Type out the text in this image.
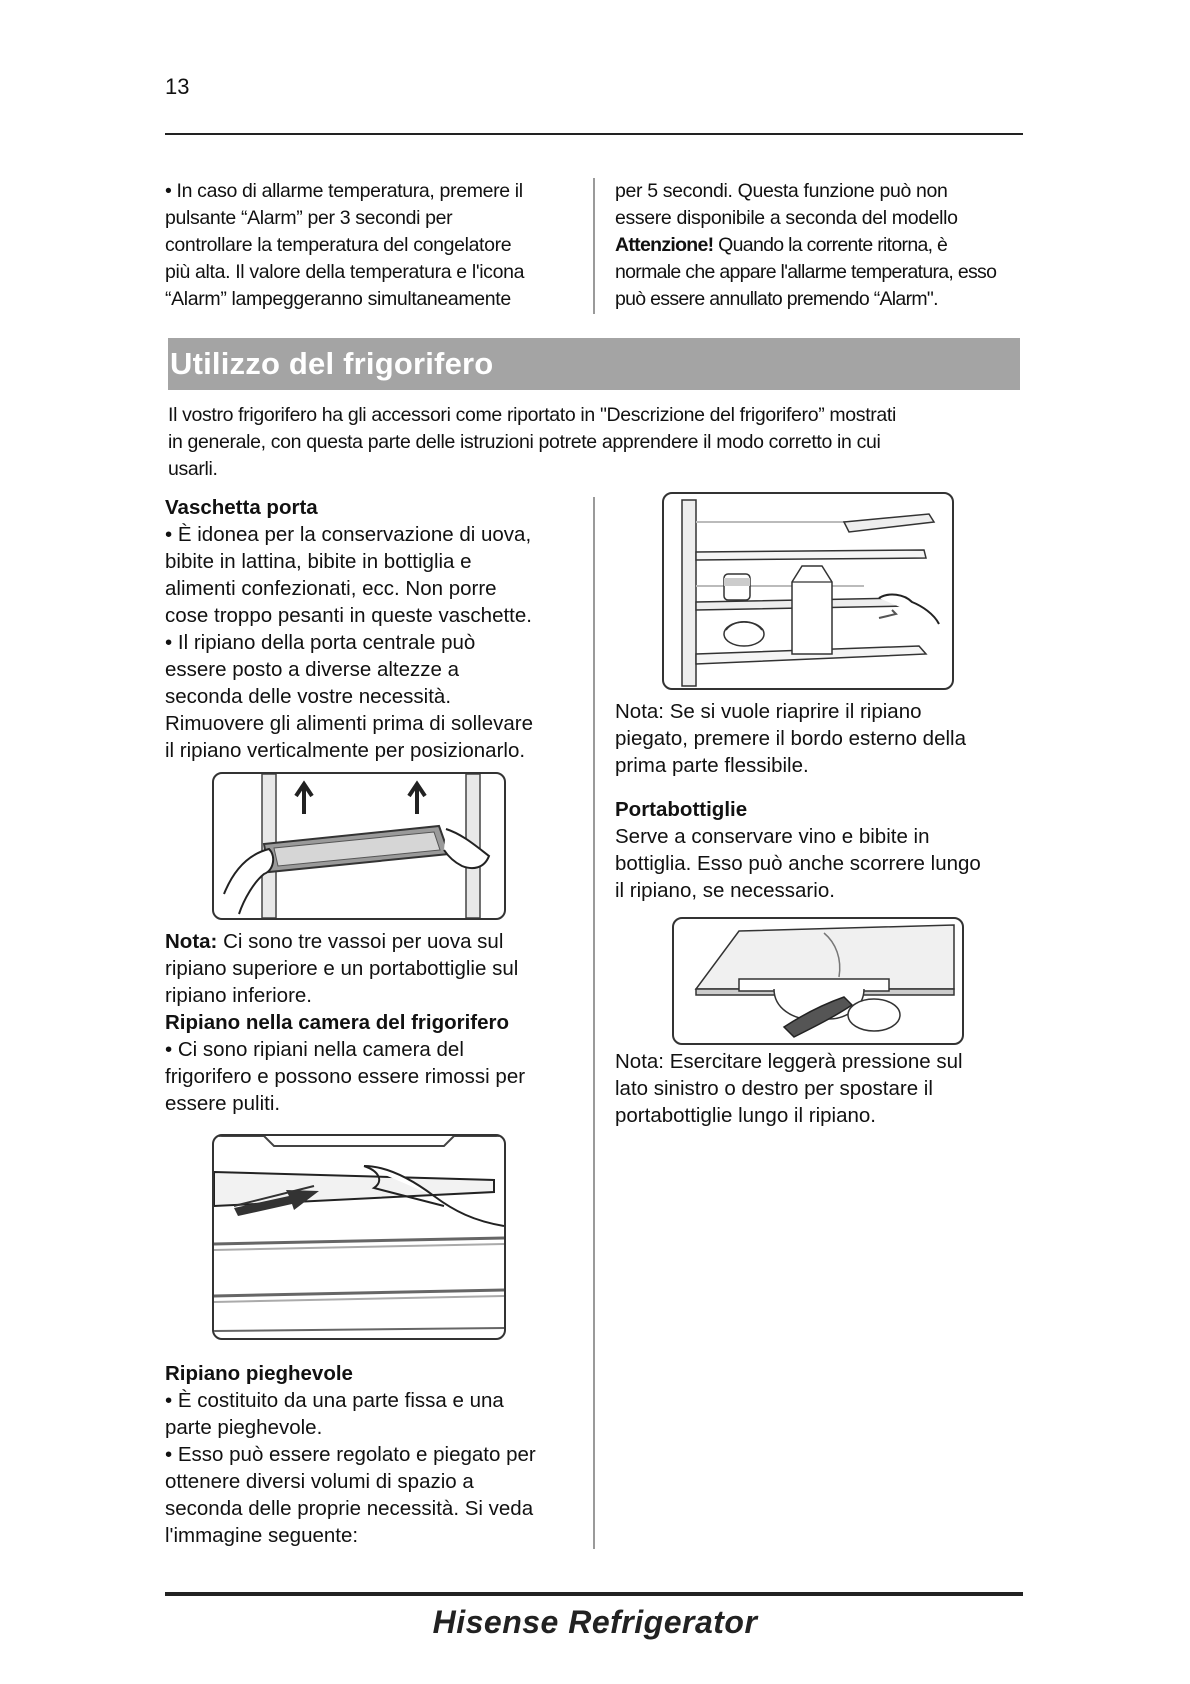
13

• In caso di allarme temperatura, premere il

pulsante “Alarm” per 3 secondi per

controllare la temperatura del congelatore

più alta. Il valore della temperatura e l'icona

“Alarm” lampeggeranno simultaneamente

per 5 secondi. Questa funzione può non

essere disponibile a seconda del modello

Attenzione! Quando la corrente ritorna, è

normale che appare l'allarme temperatura, esso

può essere annullato premendo “Alarm".

Utilizzo del frigorifero
Il vostro frigorifero ha gli accessori come riportato in "Descrizione del frigorifero” mostrati
in generale, con questa parte delle istruzioni potrete apprendere il modo corretto in cui
usarli.

Vaschetta porta

• È idonea per la conservazione di uova,

bibite in lattina, bibite in bottiglia e

alimenti confezionati, ecc. Non porre

cose troppo pesanti in queste vaschette.

• Il ripiano della porta centrale può

essere posto a diverse altezze a

seconda delle vostre necessità.

Rimuovere gli alimenti prima di sollevare

il ripiano verticalmente per posizionarlo.

Nota: Ci sono tre vassoi per uova sul

ripiano superiore e un portabottiglie sul

ripiano inferiore.

Ripiano nella camera del frigorifero

• Ci sono ripiani nella camera del

frigorifero e possono essere rimossi per

essere puliti.

Ripiano pieghevole

• È costituito da una parte fissa e una

parte pieghevole.

• Esso può essere regolato e piegato per

ottenere diversi volumi di spazio a

seconda delle proprie necessità. Si veda

l'immagine seguente:

Nota: Se si vuole riaprire il ripiano

piegato, premere il bordo esterno della

prima parte flessibile.

Portabottiglie

Serve a conservare vino e bibite in

bottiglia. Esso può anche scorrere lungo

il ripiano, se necessario.

Nota: Esercitare leggerà pressione sul

lato sinistro o destro per spostare il

portabottiglie lungo il ripiano.

Hisense Refrigerator
